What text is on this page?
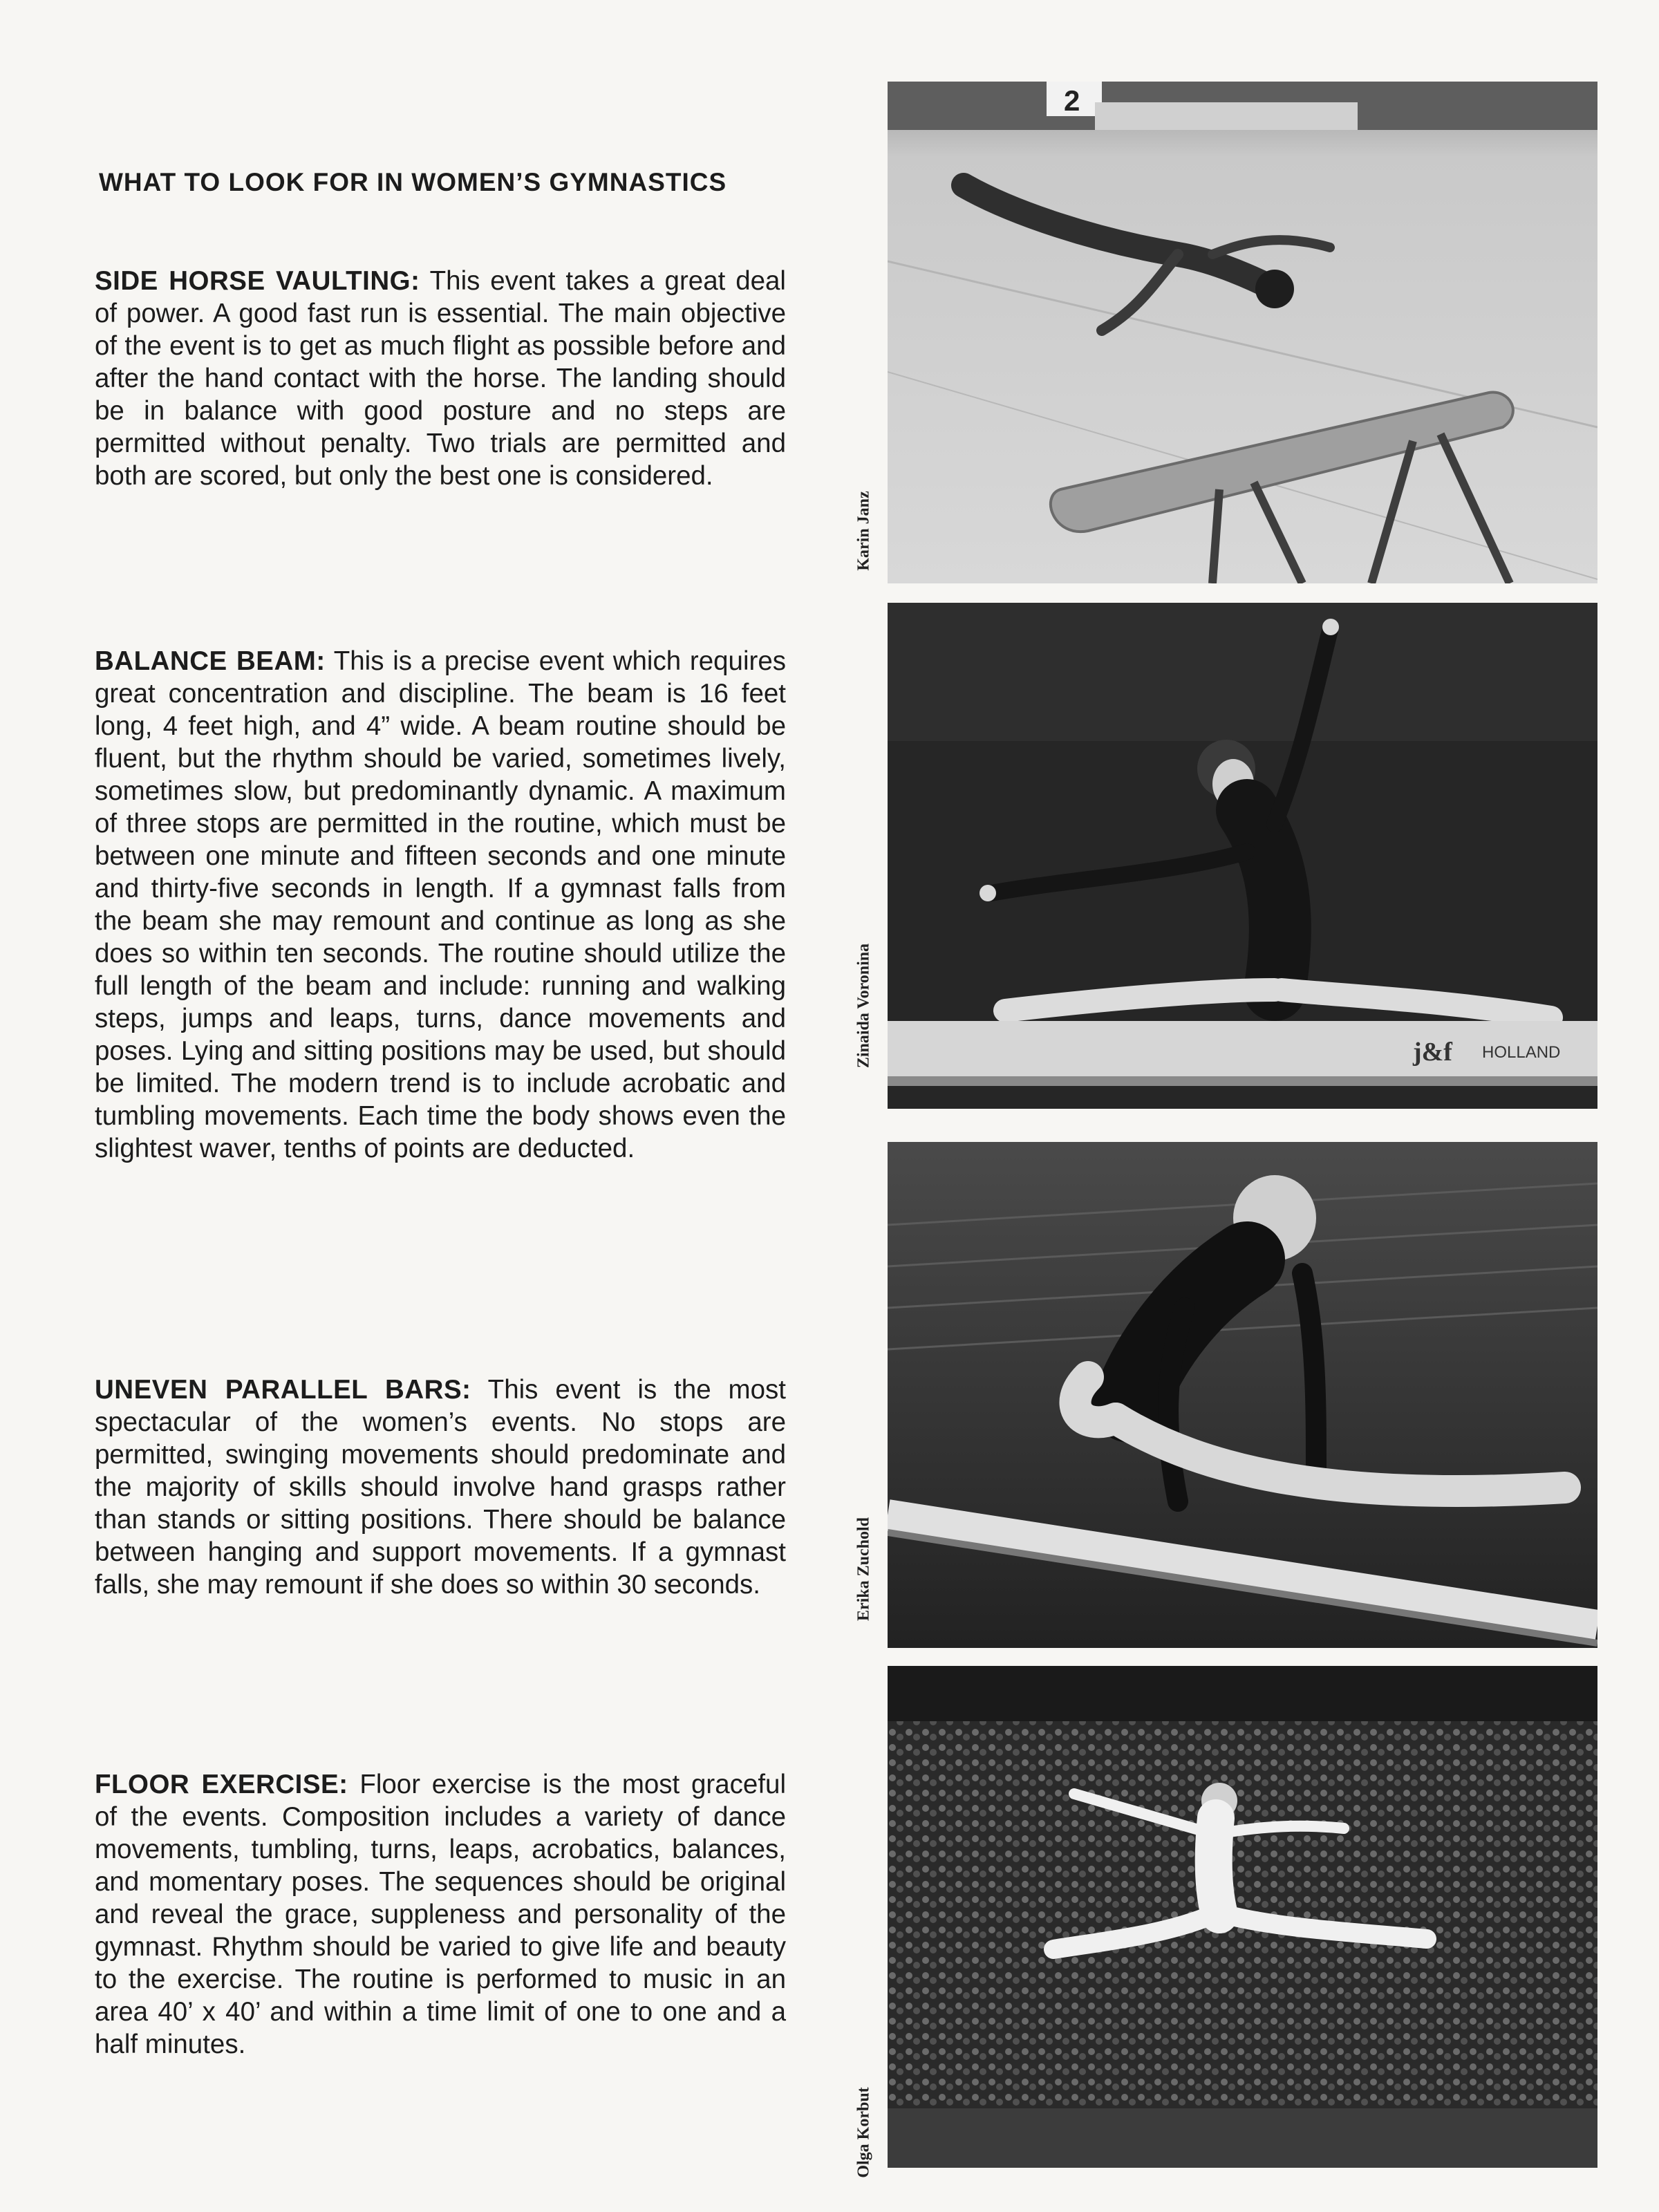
WHAT TO LOOK FOR IN WOMEN’S GYMNASTICS

SIDE HORSE VAULTING: This event takes a great deal of power. A good fast run is essential. The main objective of the event is to get as much flight as possible before and after the hand contact with the horse. The landing should be in balance with good posture and no steps are permitted without penalty. Two trials are permitted and both are scored, but only the best one is considered.

BALANCE BEAM: This is a precise event which requires great concentration and discipline. The beam is 16 feet long, 4 feet high, and 4” wide. A beam routine should be fluent, but the rhythm should be varied, sometimes lively, sometimes slow, but predominantly dynamic. A maximum of three stops are permitted in the routine, which must be between one minute and fifteen seconds and one minute and thirty-five seconds in length. If a gymnast falls from the beam she may remount and continue as long as she does so within ten seconds. The routine should utilize the full length of the beam and include: running and walking steps, jumps and leaps, turns, dance movements and poses. Lying and sitting positions may be used, but should be limited. The modern trend is to include acrobatic and tumbling movements. Each time the body shows even the slightest waver, tenths of points are deducted.

UNEVEN PARALLEL BARS: This event is the most spectacular of the women’s events. No stops are permitted, swinging movements should predominate and the majority of skills should involve hand grasps rather than stands or sitting positions. There should be balance between hanging and support movements. If a gymnast falls, she may remount if she does so within 30 seconds.

FLOOR EXERCISE: Floor exercise is the most graceful of the events. Composition includes a variety of dance movements, tumbling, turns, leaps, acrobatics, balances, and momentary poses. The sequences should be original and reveal the grace, suppleness and personality of the gymnast. Rhythm should be varied to give life and beauty to the exercise. The routine is performed to music in an area 40’ x 40’ and within a time limit of one to one and a half minutes.

2
Karin Janz
j&f HOLLAND
Zinaida Voronina
Erika Zuchold
Olga Korbut
